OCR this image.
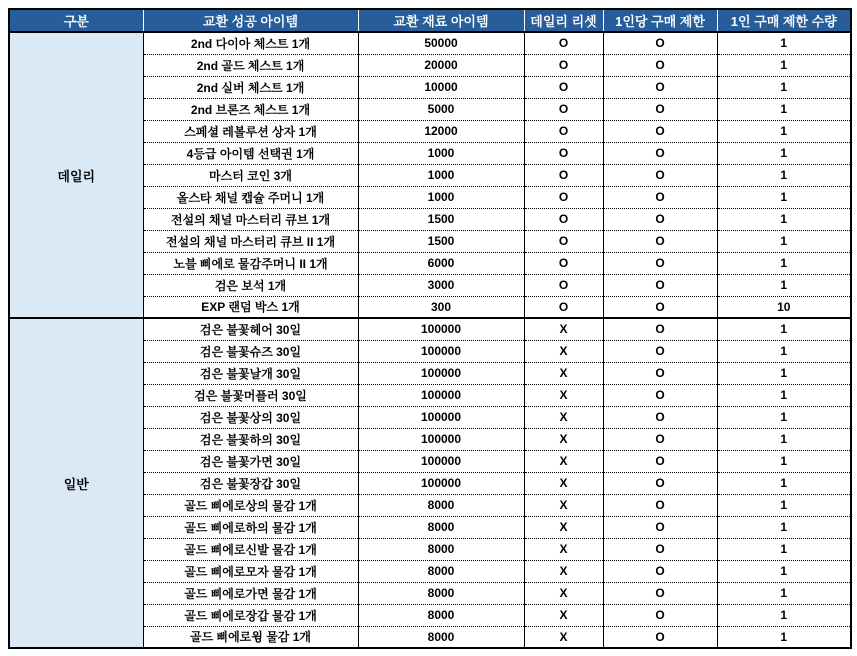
구분	교환 성공 아이템	교환 재료 아이템	데일리 리셋	1인당 구매 제한	1인 구매 제한 수량
데일리	2nd 다이아 체스트 1개	50000	O	O	1
	2nd 골드 체스트 1개	20000	O	O	1
	2nd 실버 체스트 1개	10000	O	O	1
	2nd 브론즈 체스트 1개	5000	O	O	1
	스페셜 레볼루션 상자 1개	12000	O	O	1
	4등급 아이템 선택권 1개	1000	O	O	1
	마스터 코인 3개	1000	O	O	1
	올스타 채널 캡슐 주머니 1개	1000	O	O	1
	전설의 채널 마스터리 큐브 1개	1500	O	O	1
	전설의 채널 마스터리 큐브 II 1개	1500	O	O	1
	노블 삐에로 물감주머니 II 1개	6000	O	O	1
	검은 보석 1개	3000	O	O	1
	EXP 랜덤 박스 1개	300	O	O	10
일반	검은 불꽃헤어 30일	100000	X	O	1
	검은 불꽃슈즈 30일	100000	X	O	1
	검은 불꽃날개 30일	100000	X	O	1
	검은 불꽃머플러 30일	100000	X	O	1
	검은 불꽃상의 30일	100000	X	O	1
	검은 불꽃하의 30일	100000	X	O	1
	검은 불꽃가면 30일	100000	X	O	1
	검은 불꽃장갑 30일	100000	X	O	1
	골드 삐에로상의 물감 1개	8000	X	O	1
	골드 삐에로하의 물감 1개	8000	X	O	1
	골드 삐에로신발 물감 1개	8000	X	O	1
	골드 삐에로모자 물감 1개	8000	X	O	1
	골드 삐에로가면 물감 1개	8000	X	O	1
	골드 삐에로장갑 물감 1개	8000	X	O	1
	골드 삐에로윙 물감 1개	8000	X	O	1
